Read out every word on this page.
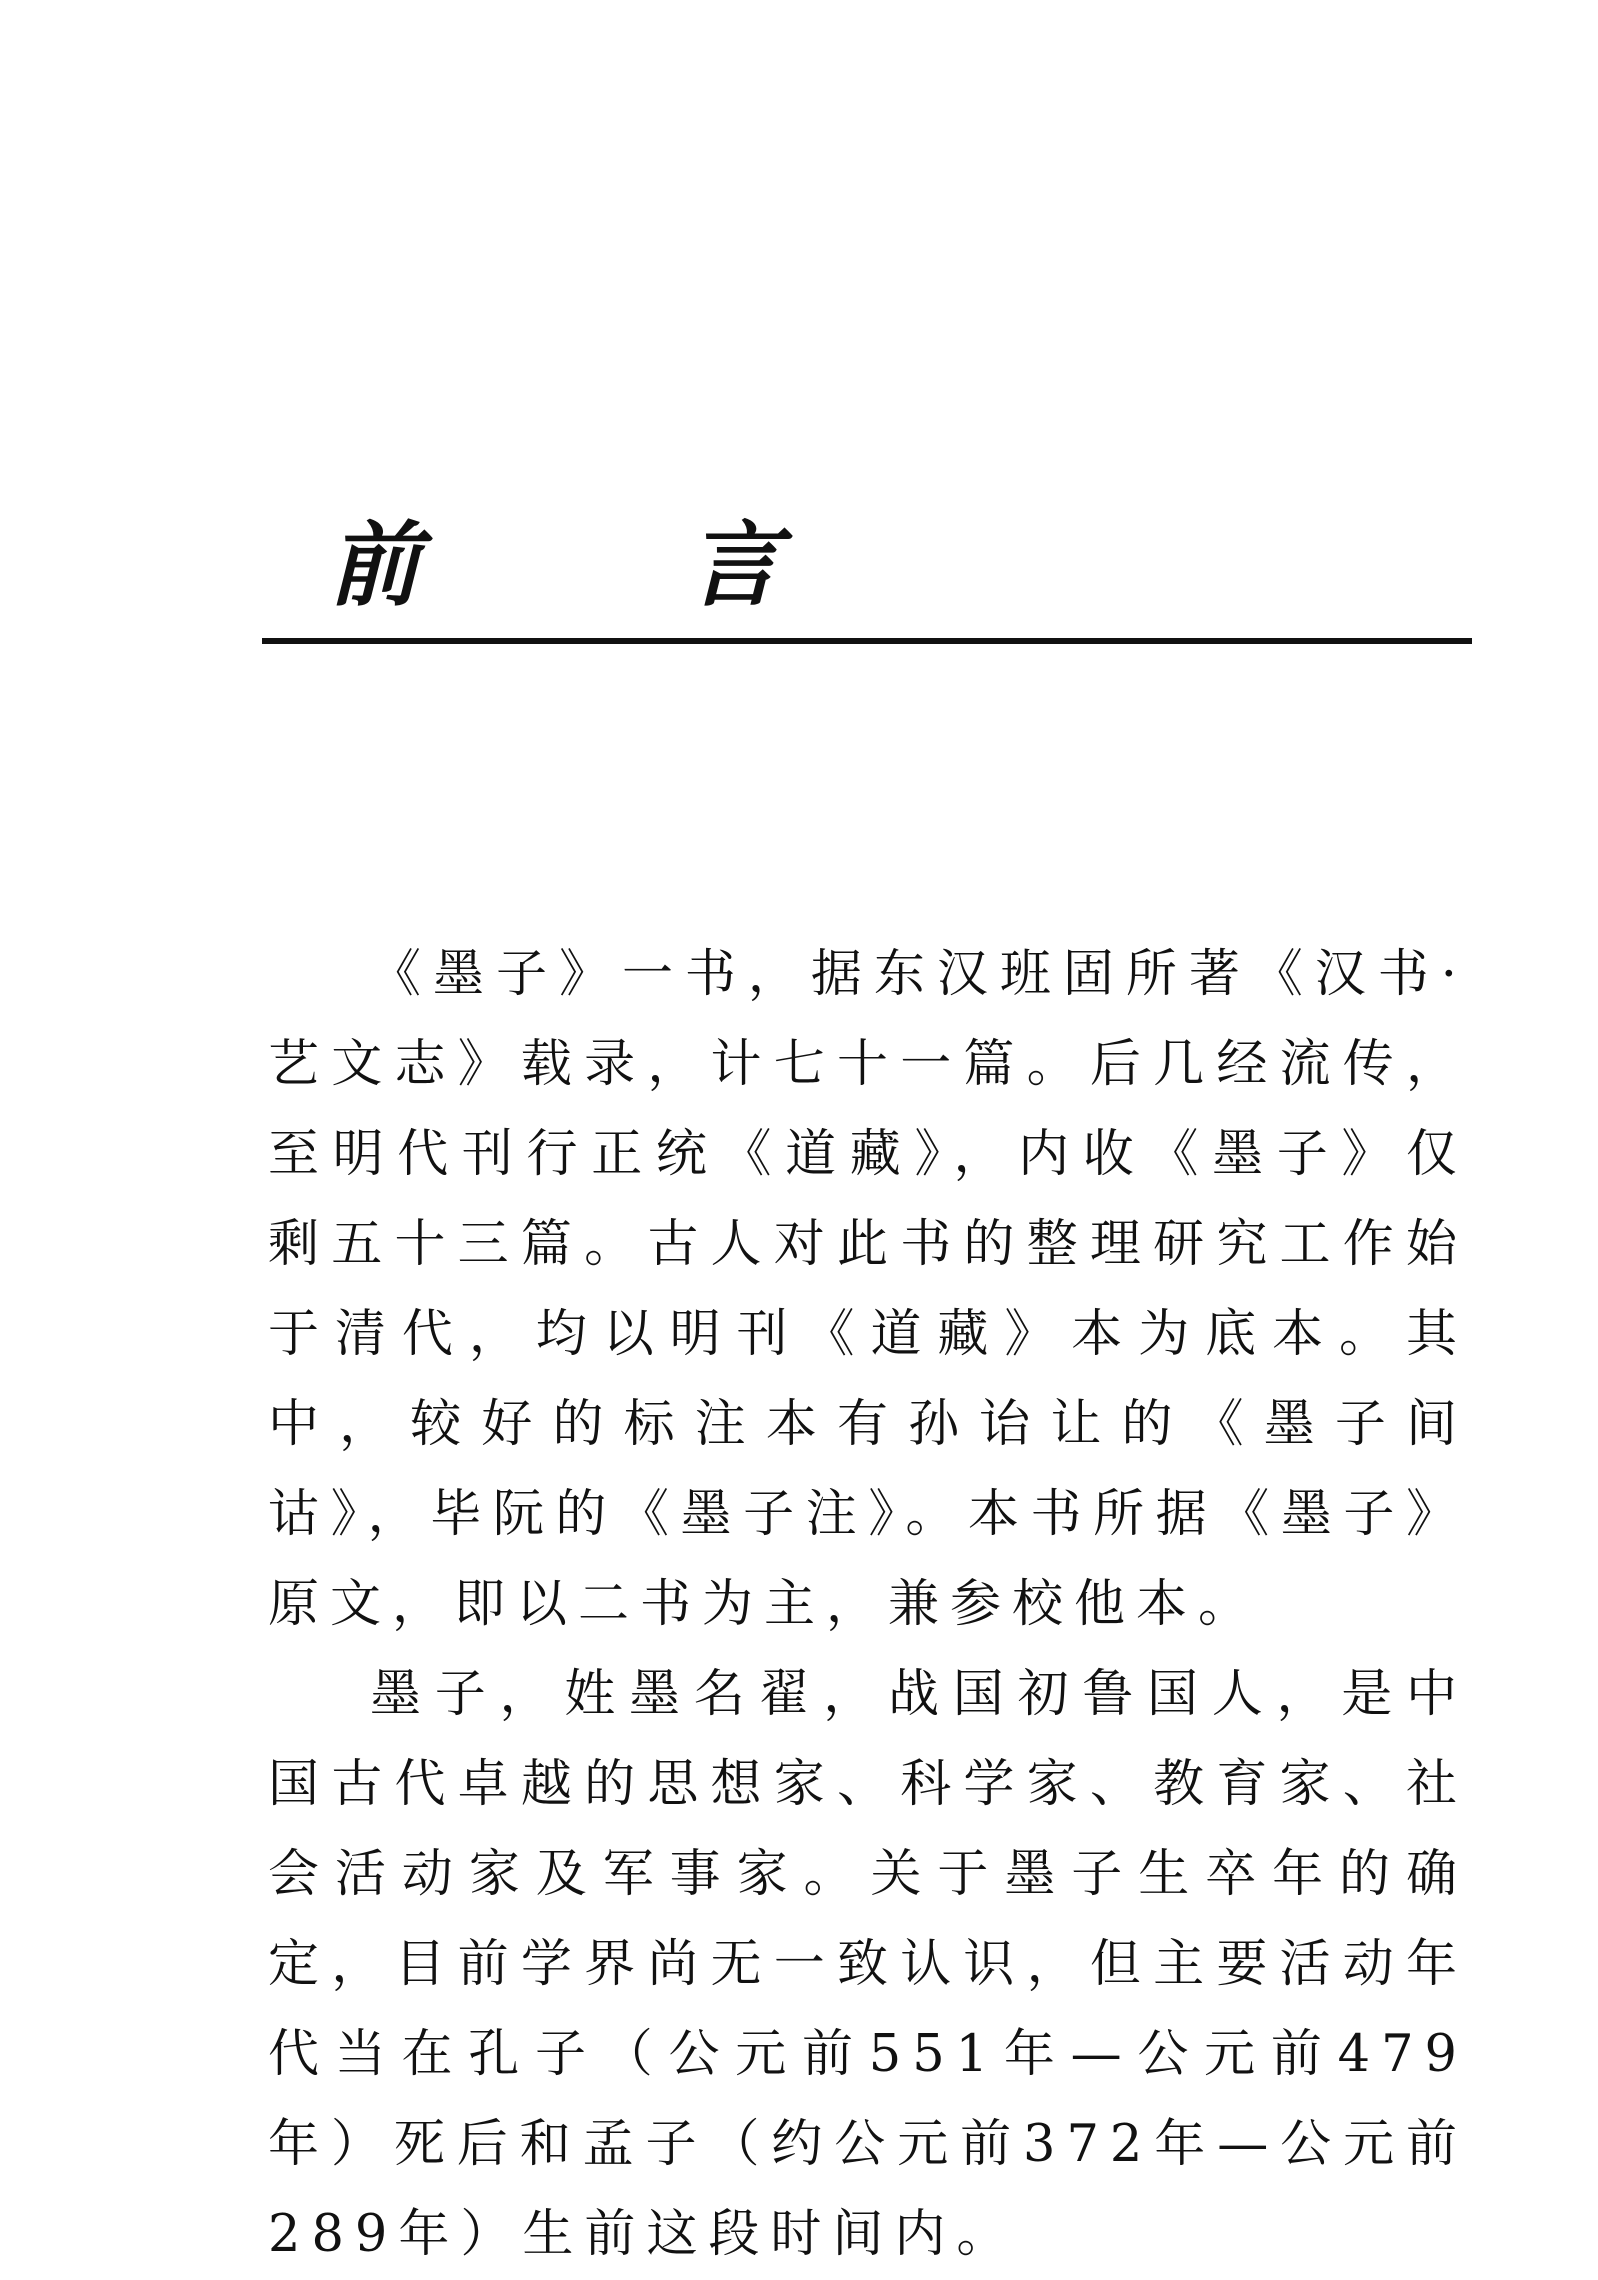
前　言

《墨子》一书，据东汉班固所著《汉书·艺文志》载录，计七十一篇。后几经流传，至明代刊行正统《道藏》，内收《墨子》仅剩五十三篇。古人对此书的整理研究工作始于清代，均以明刊《道藏》本为底本。其中，较好的标注本有孙诒让的《墨子间诂》，毕阮的《墨子注》。本书所据《墨子》原文，即以二书为主，兼参校他本。

墨子，姓墨名翟，战国初鲁国人，是中国古代卓越的思想家、科学家、教育家、社会活动家及军事家。关于墨子生卒年的确定，目前学界尚无一致认识，但主要活动年代当在孔子（公元前551年—公元前479年）死后和孟子（约公元前372年—公元前289年）生前这段时间内。
